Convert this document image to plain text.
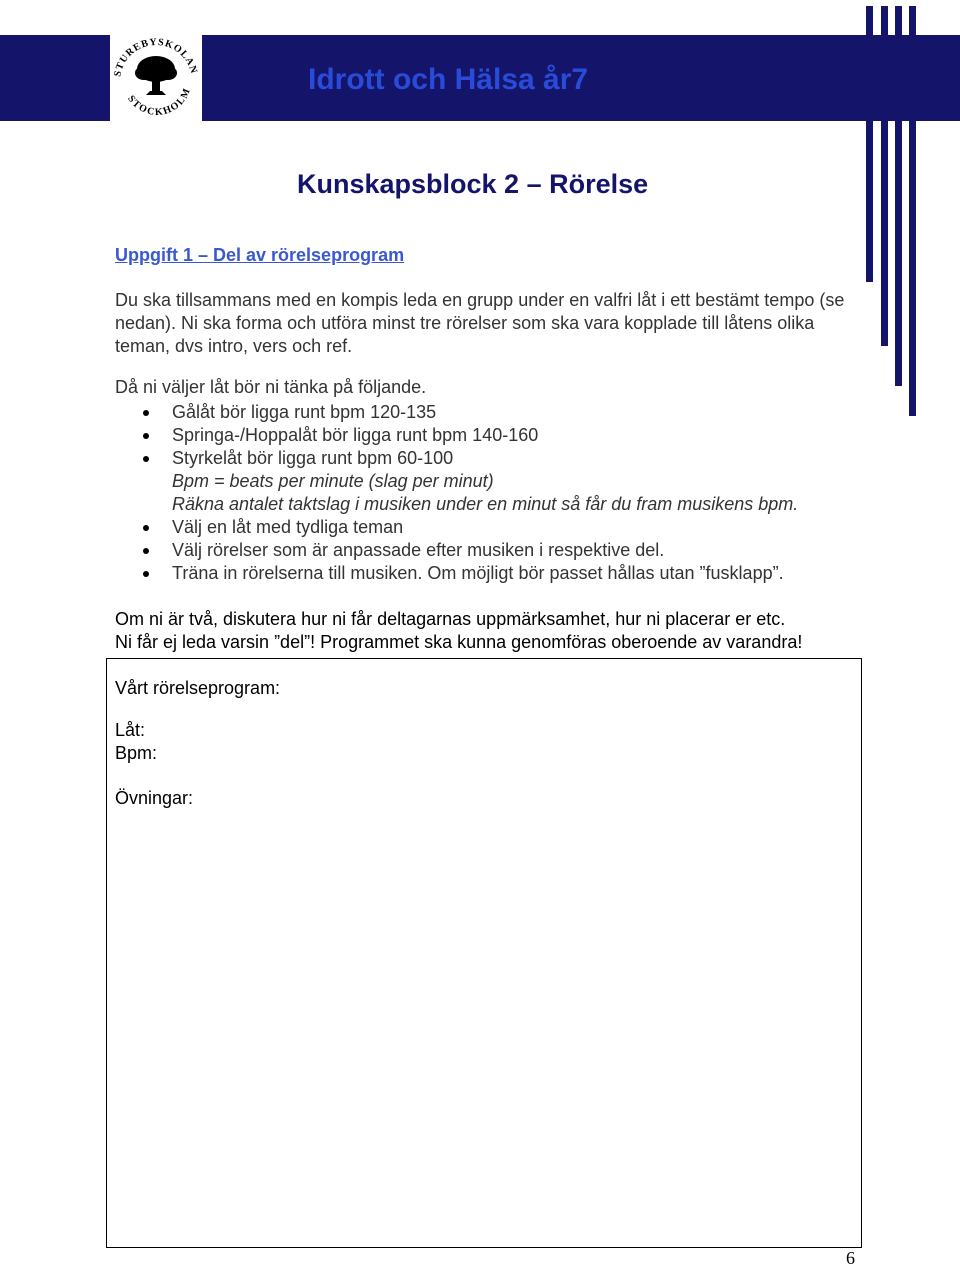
STUREBYSKOLAN
STOCKHOLM	Idrott och Hälsa år7
Kunskapsblock 2 – Rörelse
Uppgift 1 – Del av rörelseprogram

Du ska tillsammans med en kompis leda en grupp under en valfri låt i ett bestämt tempo (se nedan). Ni ska forma och utföra minst tre rörelser som ska vara kopplade till låtens olika teman, dvs intro, vers och ref.

Då ni väljer låt bör ni tänka på följande.

Gålåt bör ligga runt bpm 120-135
Springa-/Hoppalåt bör ligga runt bpm 140-160
Styrkelåt bör ligga runt bpm 60-100
Bpm = beats per minute (slag per minut)
Räkna antalet taktslag i musiken under en minut så får du fram musikens bpm.
Välj en låt med tydliga teman
Välj rörelser som är anpassade efter musiken i respektive del.
Träna in rörelserna till musiken. Om möjligt bör passet hållas utan ”fusklapp”.
Om ni är två, diskutera hur ni får deltagarnas uppmärksamhet, hur ni placerar er etc.
Ni får ej leda varsin ”del”! Programmet ska kunna genomföras oberoende av varandra!

Vårt rörelseprogram:

Låt:

Bpm:

Övningar:

6
